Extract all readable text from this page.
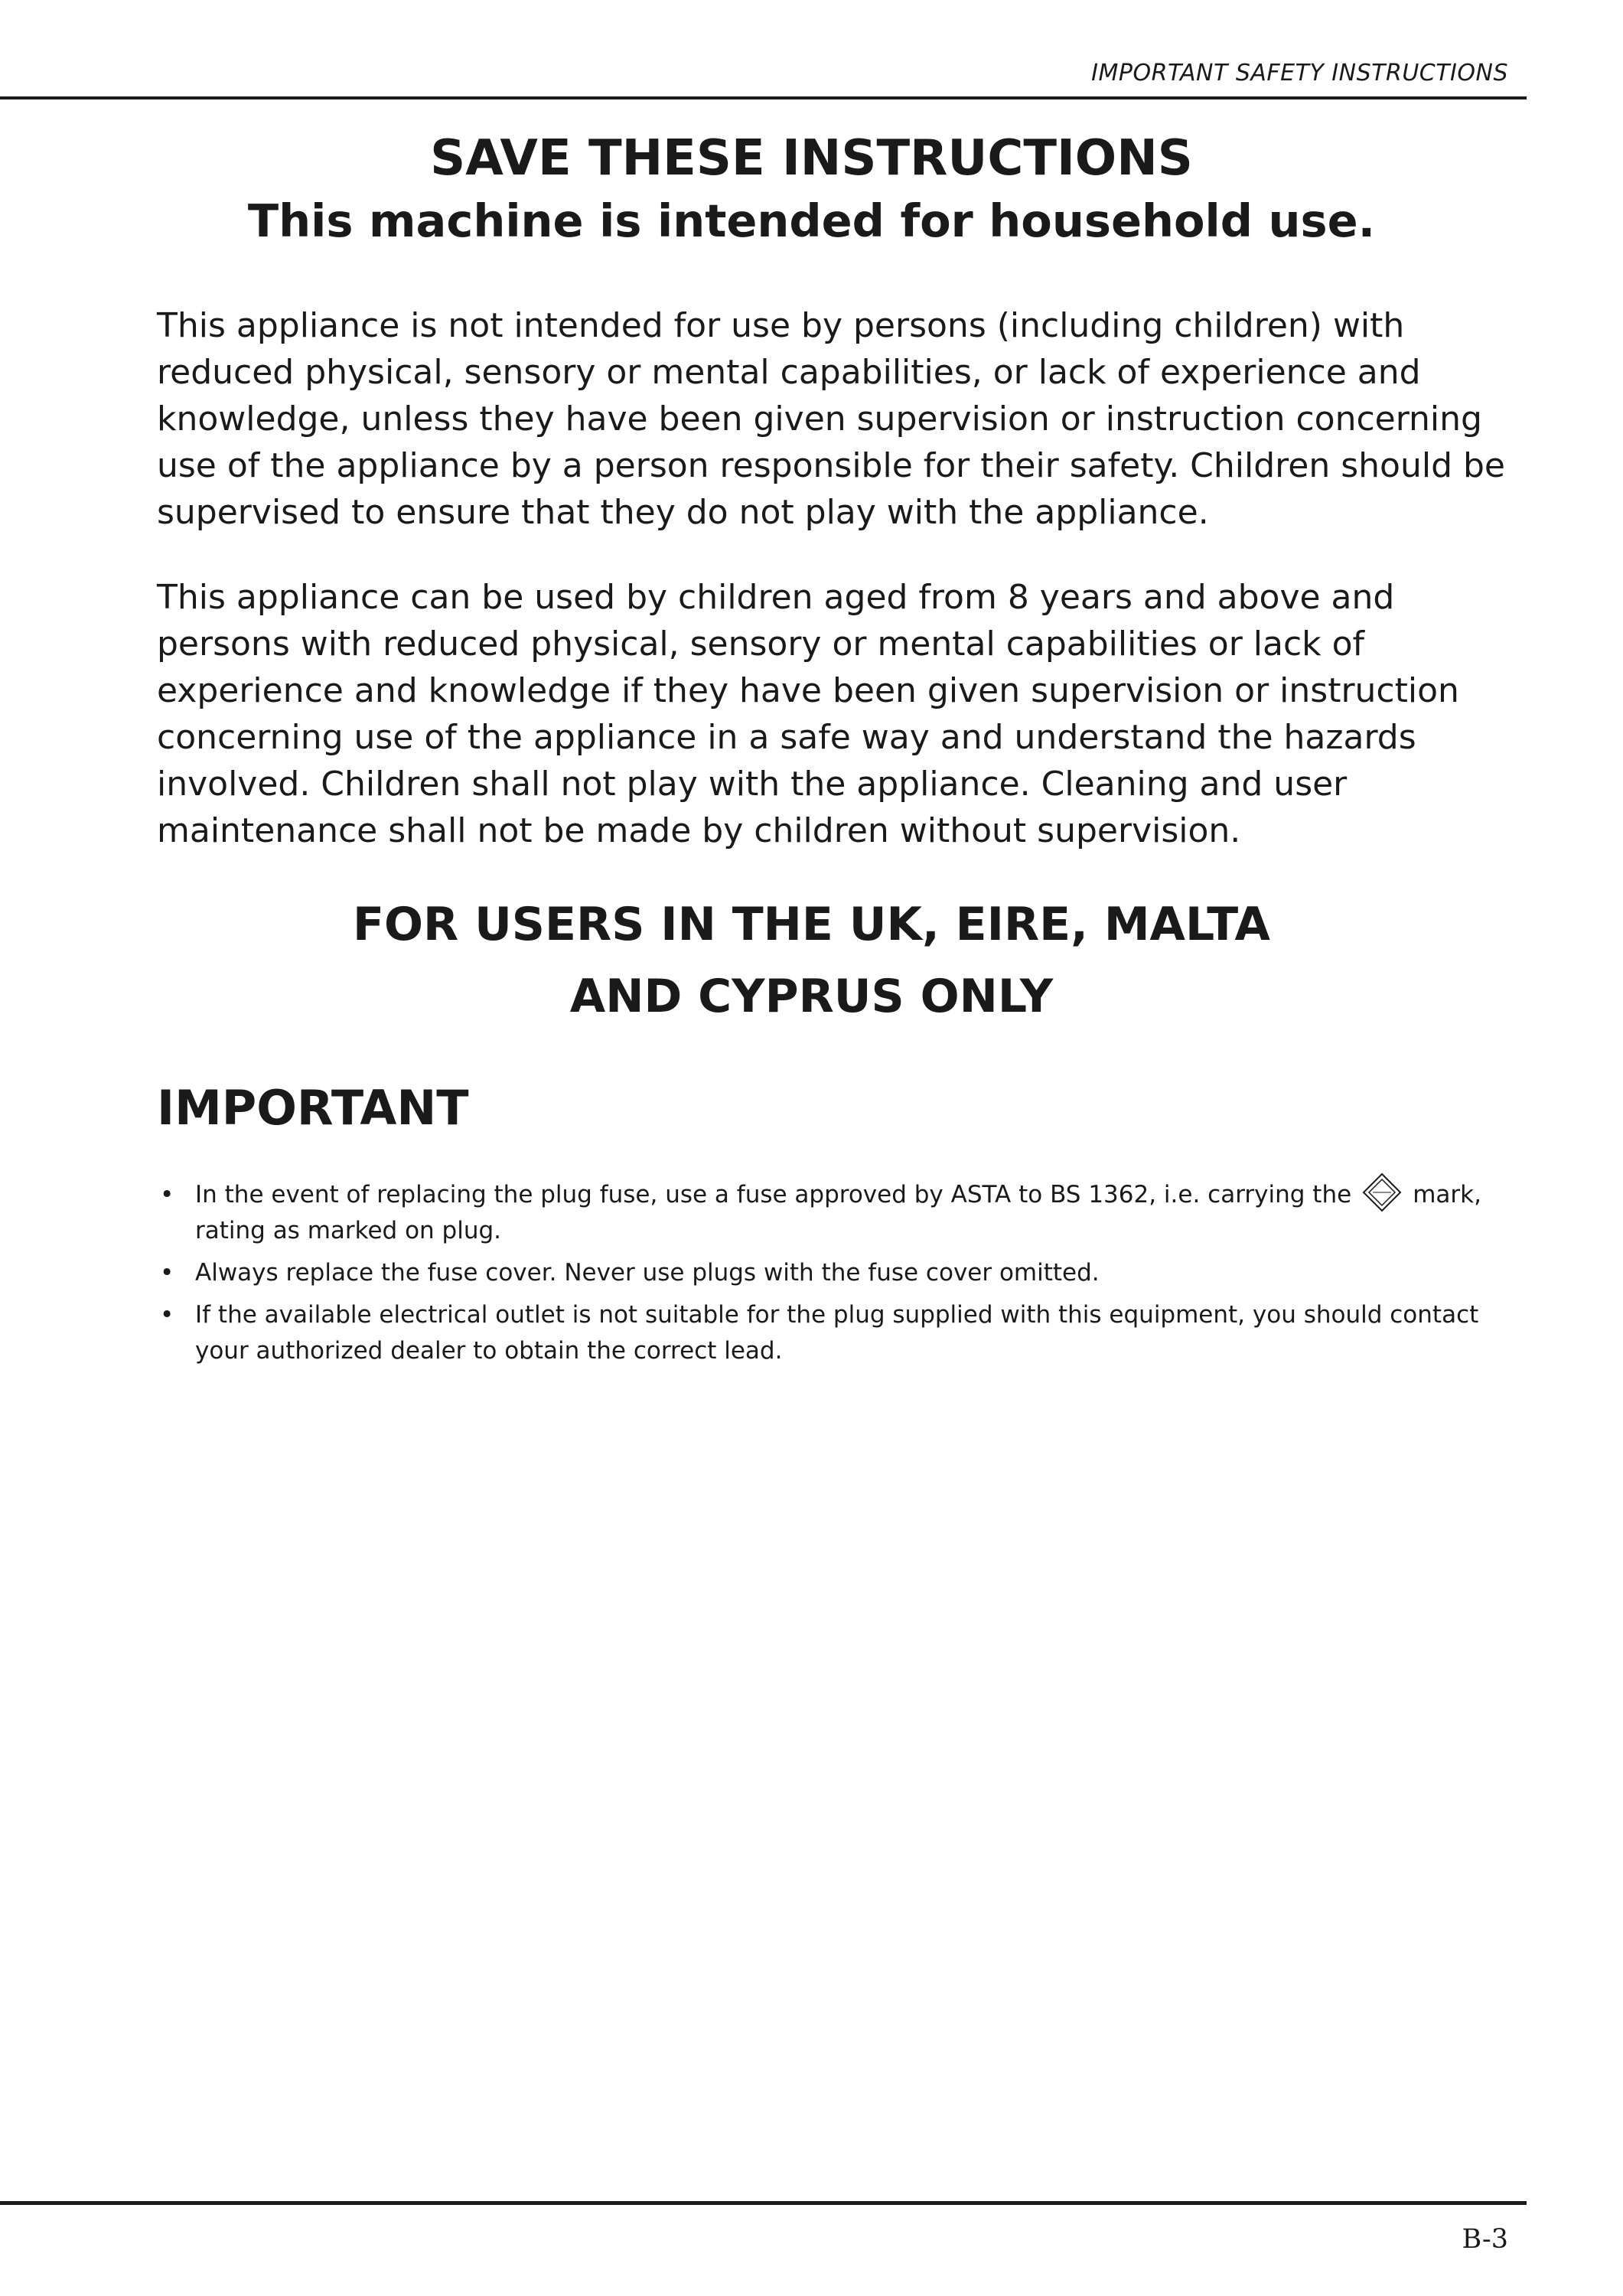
IMPORTANT SAFETY INSTRUCTIONS
SAVE THESE INSTRUCTIONS
This machine is intended for household use.

This appliance is not intended for use by persons (including children) with reduced physical, sensory or mental capabilities, or lack of experience and knowledge, unless they have been given supervision or instruction concerning use of the appliance by a person responsible for their safety. Children should be supervised to ensure that they do not play with the appliance.

This appliance can be used by children aged from 8 years and above and persons with reduced physical, sensory or mental capabilities or lack of experience and knowledge if they have been given supervision or instruction concerning use of the appliance in a safe way and understand the hazards involved. Children shall not play with the appliance. Cleaning and user maintenance shall not be made by children without supervision.

FOR USERS IN THE UK, EIRE, MALTA
AND CYPRUS ONLY
IMPORTANT
• In the event of replacing the plug fuse, use a fuse approved by ASTA to BS 1362, i.e. carrying the	mark, rating as marked on plug.
• Always replace the fuse cover. Never use plugs with the fuse cover omitted.
• If the available electrical outlet is not suitable for the plug supplied with this equipment, you should contact your authorized dealer to obtain the correct lead.
B-3
